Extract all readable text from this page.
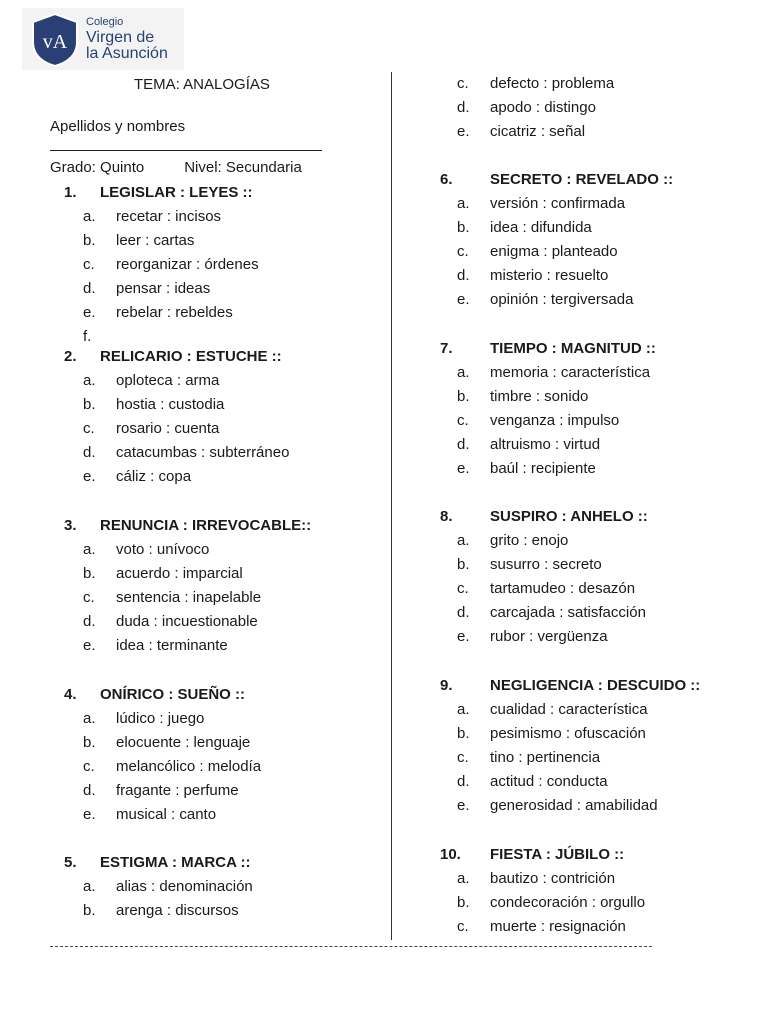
vA
Colegio
Virgen de
la Asunción
TEMA: ANALOGÍAS
Apellidos y nombres
Grado: Quinto	Nivel: Secundaria
1. LEGISLAR : LEYES ::
a. recetar : incisos
b. leer : cartas
c. reorganizar : órdenes
d. pensar : ideas
e. rebelar : rebeldes
f.
2. RELICARIO : ESTUCHE ::
a. oploteca : arma
b. hostia : custodia
c. rosario : cuenta
d. catacumbas : subterráneo
e. cáliz : copa
3. RENUNCIA : IRREVOCABLE::
a. voto : unívoco
b. acuerdo : imparcial
c. sentencia : inapelable
d. duda : incuestionable
e. idea : terminante
4. ONÍRICO : SUEÑO ::
a. lúdico : juego
b. elocuente : lenguaje
c. melancólico : melodía
d. fragante : perfume
e. musical : canto
5. ESTIGMA : MARCA ::
a. alias : denominación
b. arenga : discursos
c. defecto : problema
d. apodo : distingo
e. cicatriz : señal
6. SECRETO : REVELADO ::
a. versión : confirmada
b. idea : difundida
c. enigma : planteado
d. misterio : resuelto
e. opinión : tergiversada
7. TIEMPO : MAGNITUD ::
a. memoria : característica
b. timbre : sonido
c. venganza : impulso
d. altruismo : virtud
e. baúl : recipiente
8. SUSPIRO : ANHELO ::
a. grito : enojo
b. susurro : secreto
c. tartamudeo : desazón
d. carcajada : satisfacción
e. rubor : vergüenza
9. NEGLIGENCIA : DESCUIDO ::
a. cualidad : característica
b. pesimismo : ofuscación
c. tino : pertinencia
d. actitud : conducta
e. generosidad : amabilidad
10. FIESTA : JÚBILO ::
a. bautizo : contrición
b. condecoración : orgullo
c. muerte : resignación
